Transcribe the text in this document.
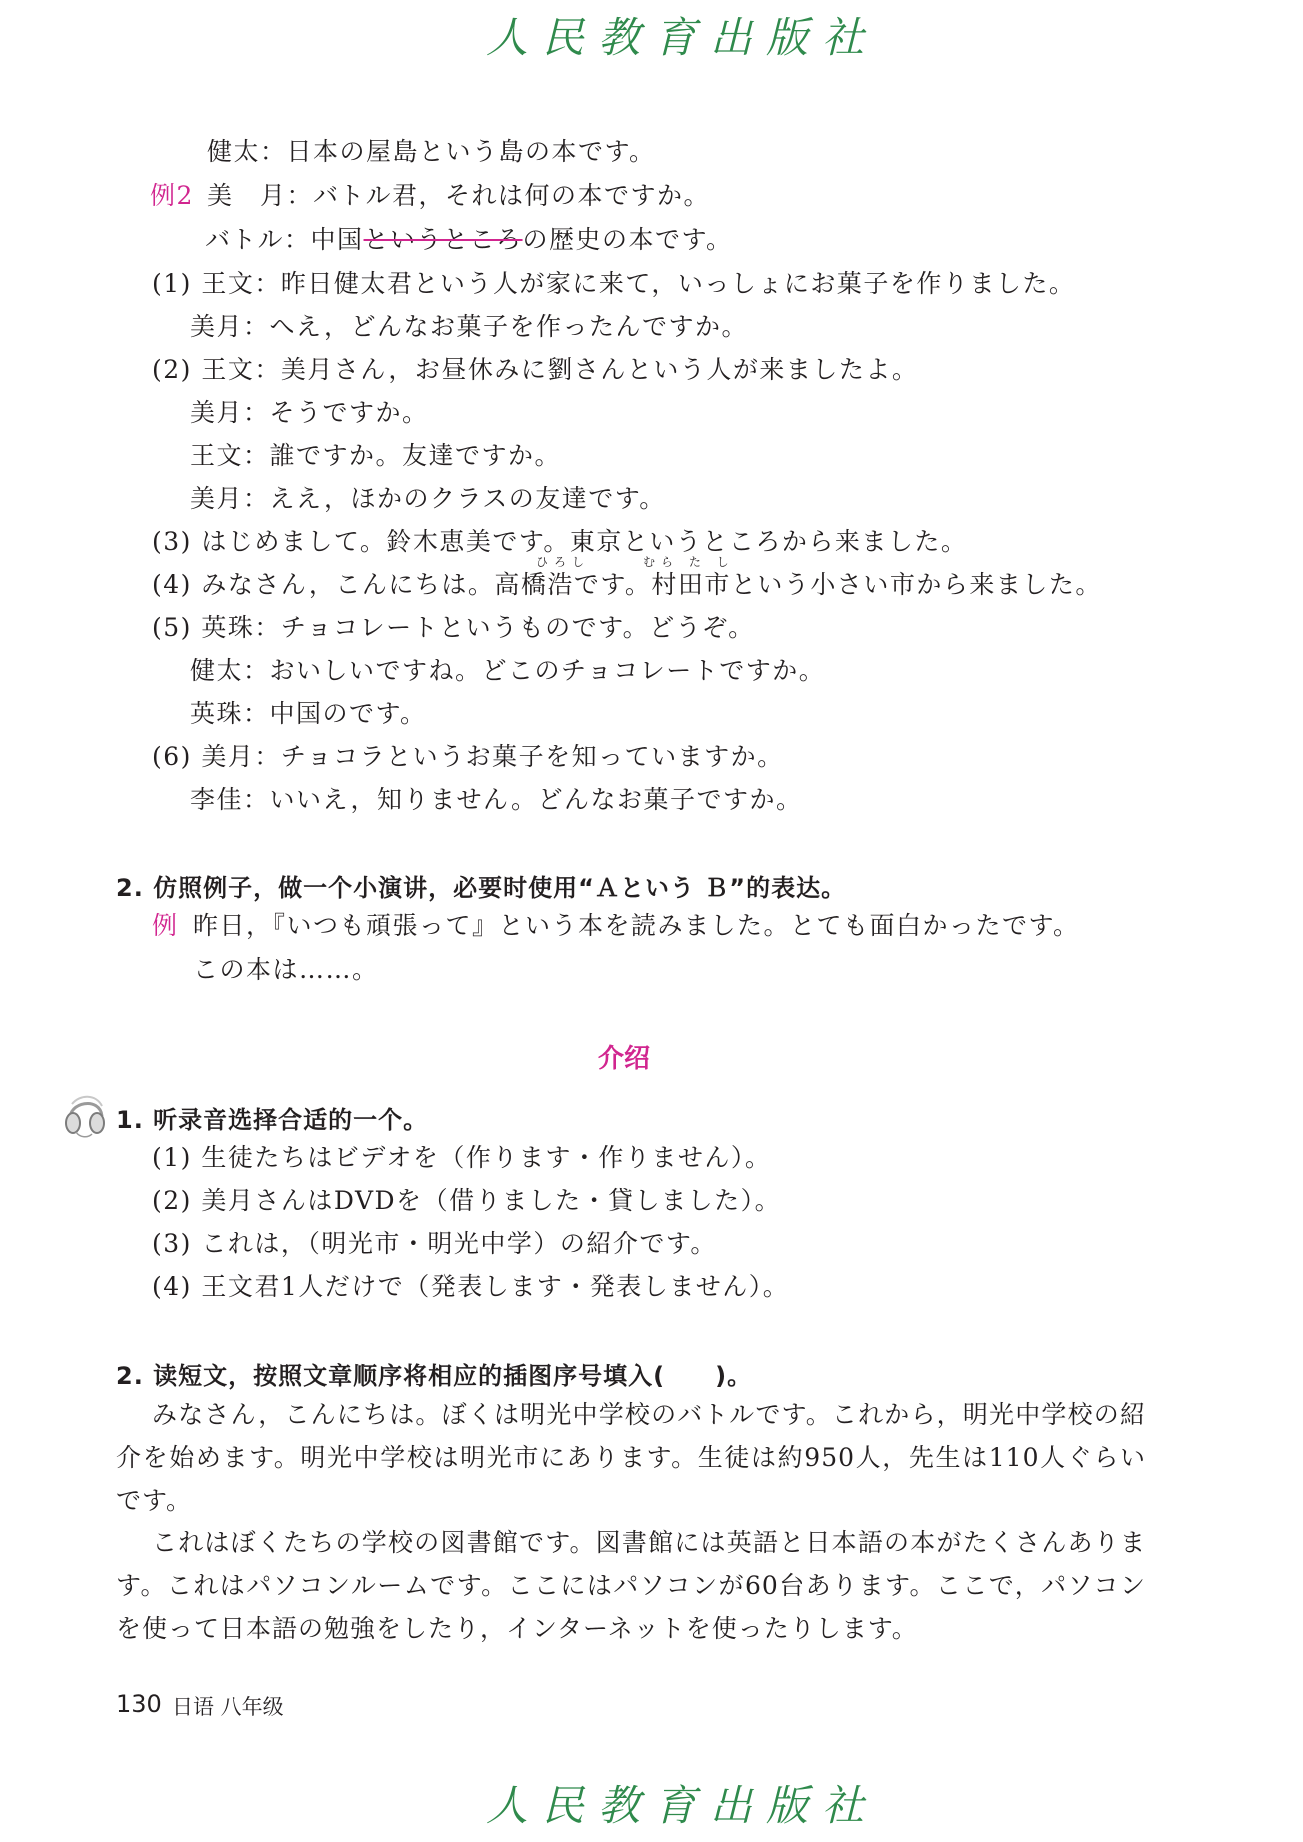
人民教育出版社
健太：日本の屋島という島の本です。
例2 美　月：バトル君，それは何の本ですか。
バトル：中国というところの歴史の本です。
(1) 王文：昨日健太君という人が家に来て，いっしょにお菓子を作りました。
美月：へえ，どんなお菓子を作ったんですか。
(2) 王文：美月さん，お昼休みに劉さんという人が来ましたよ。
美月：そうですか。
王文：誰ですか。友達ですか。
美月：ええ，ほかのクラスの友達です。
(3) はじめまして。鈴木恵美です。東京というところから来ました。
ひろし	むら た し
(4) みなさん，こんにちは。高橋浩です。村田市という小さい市から来ました。
(5) 英珠：チョコレートというものです。どうぞ。
健太：おいしいですね。どこのチョコレートですか。
英珠：中国のです。
(6) 美月：チョコラというお菓子を知っていますか。
李佳：いいえ，知りません。どんなお菓子ですか。
2. 仿照例子，做一个小演讲，必要时使用“Ａという Ｂ”的表达。
例 昨日，『いつも頑張って』という本を読みました。とても面白かったです。
この本は……。
介绍
1. 听录音选择合适的一个。
(1) 生徒たちはビデオを（作ります・作りません）。
(2) 美月さんはDVDを（借りました・貸しました）。
(3) これは，（明光市・明光中学）の紹介です。
(4) 王文君1人だけで（発表します・発表しません）。
2. 读短文，按照文章顺序将相应的插图序号填入(　　)。
みなさん，こんにちは。ぼくは明光中学校のバトルです。これから，明光中学校の紹介を始めます。明光中学校は明光市にあります。生徒は約950人，先生は110人ぐらいです。
これはぼくたちの学校の図書館です。図書館には英語と日本語の本がたくさんあります。これはパソコンルームです。ここにはパソコンが60台あります。ここで，パソコンを使って日本語の勉強をしたり，インターネットを使ったりします。
130 日语 八年级
人民教育出版社
